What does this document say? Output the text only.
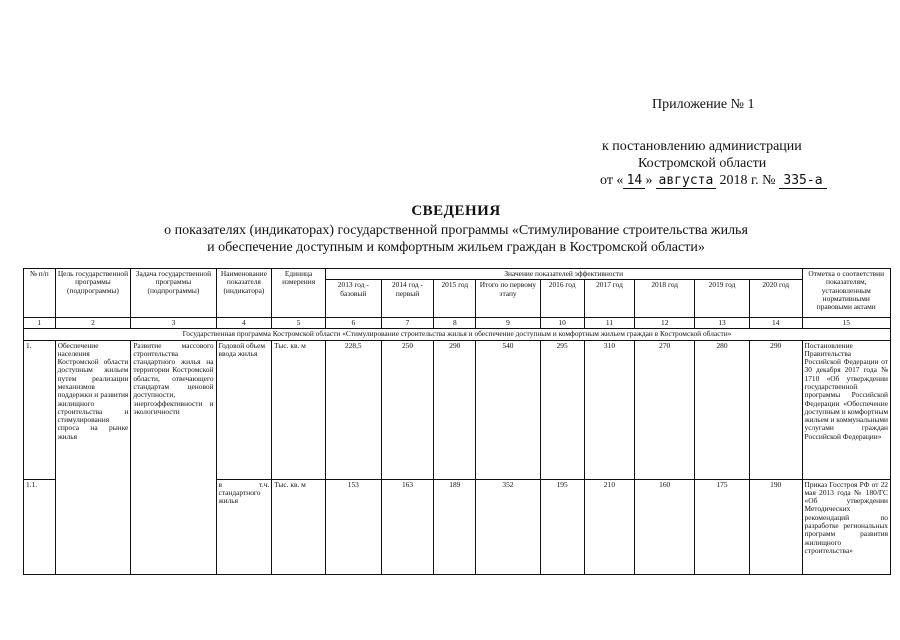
Приложение № 1
к постановлению администрации
Костромской области
от « 14 » августа 2018 г. № 335-а
СВЕДЕНИЯ
о показателях (индикаторах) государственной программы «Стимулирование строительства жилья
и обеспечение доступным и комфортным жильем граждан в Костромской области»
№ п/п	Цель государственной программы (подпрограммы)	Задача государственной программы (подпрограммы)	Наименование показателя (индикатора)	Единица измерения	Значение показателей эффективности									Отметка о соответствии показателям, установленным нормативными правовыми актами
					2013 год - базовый	2014 год - первый	2015 год	Итого по первому этапу	2016 год	2017 год	2018 год	2019 год	2020 год	
1	2	3	4	5	6	7	8	9	10	11	12	13	14	15
Государственная программа Костромской области «Стимулирование строительства жилья и обеспечение доступным и комфортным жильем граждан в Костромской области»														
1.	Обеспечение населения Костромской области доступным жильем путем реализации механизмов поддержки и развития жилищного строительства и стимулирования спроса на рынке жилья	Развитие массового строительства стандартного жилья на территории Костромской области, отвечающего стандартам ценовой доступности, энергоэффективности и экологичности	Годовой объем ввода жилья	Тыс. кв. м	228,5	250	290	540	295	310	270	280	290	Постановление Правительства Российской Федерации от 30 декабря 2017 года № 1710 «Об утверждении государственной программы Российской Федерации «Обеспечение доступным и комфортным жильем и коммунальными услугами граждан Российской Федерации»
1.1.			в т.ч. стандартного жилья	Тыс. кв. м	153	163	189	352	195	210	160	175	190	Приказ Госстроя РФ от 22 мая 2013 года № 180/ГС «Об утверждении Методических рекомендаций по разработке региональных программ развития жилищного строительства»
